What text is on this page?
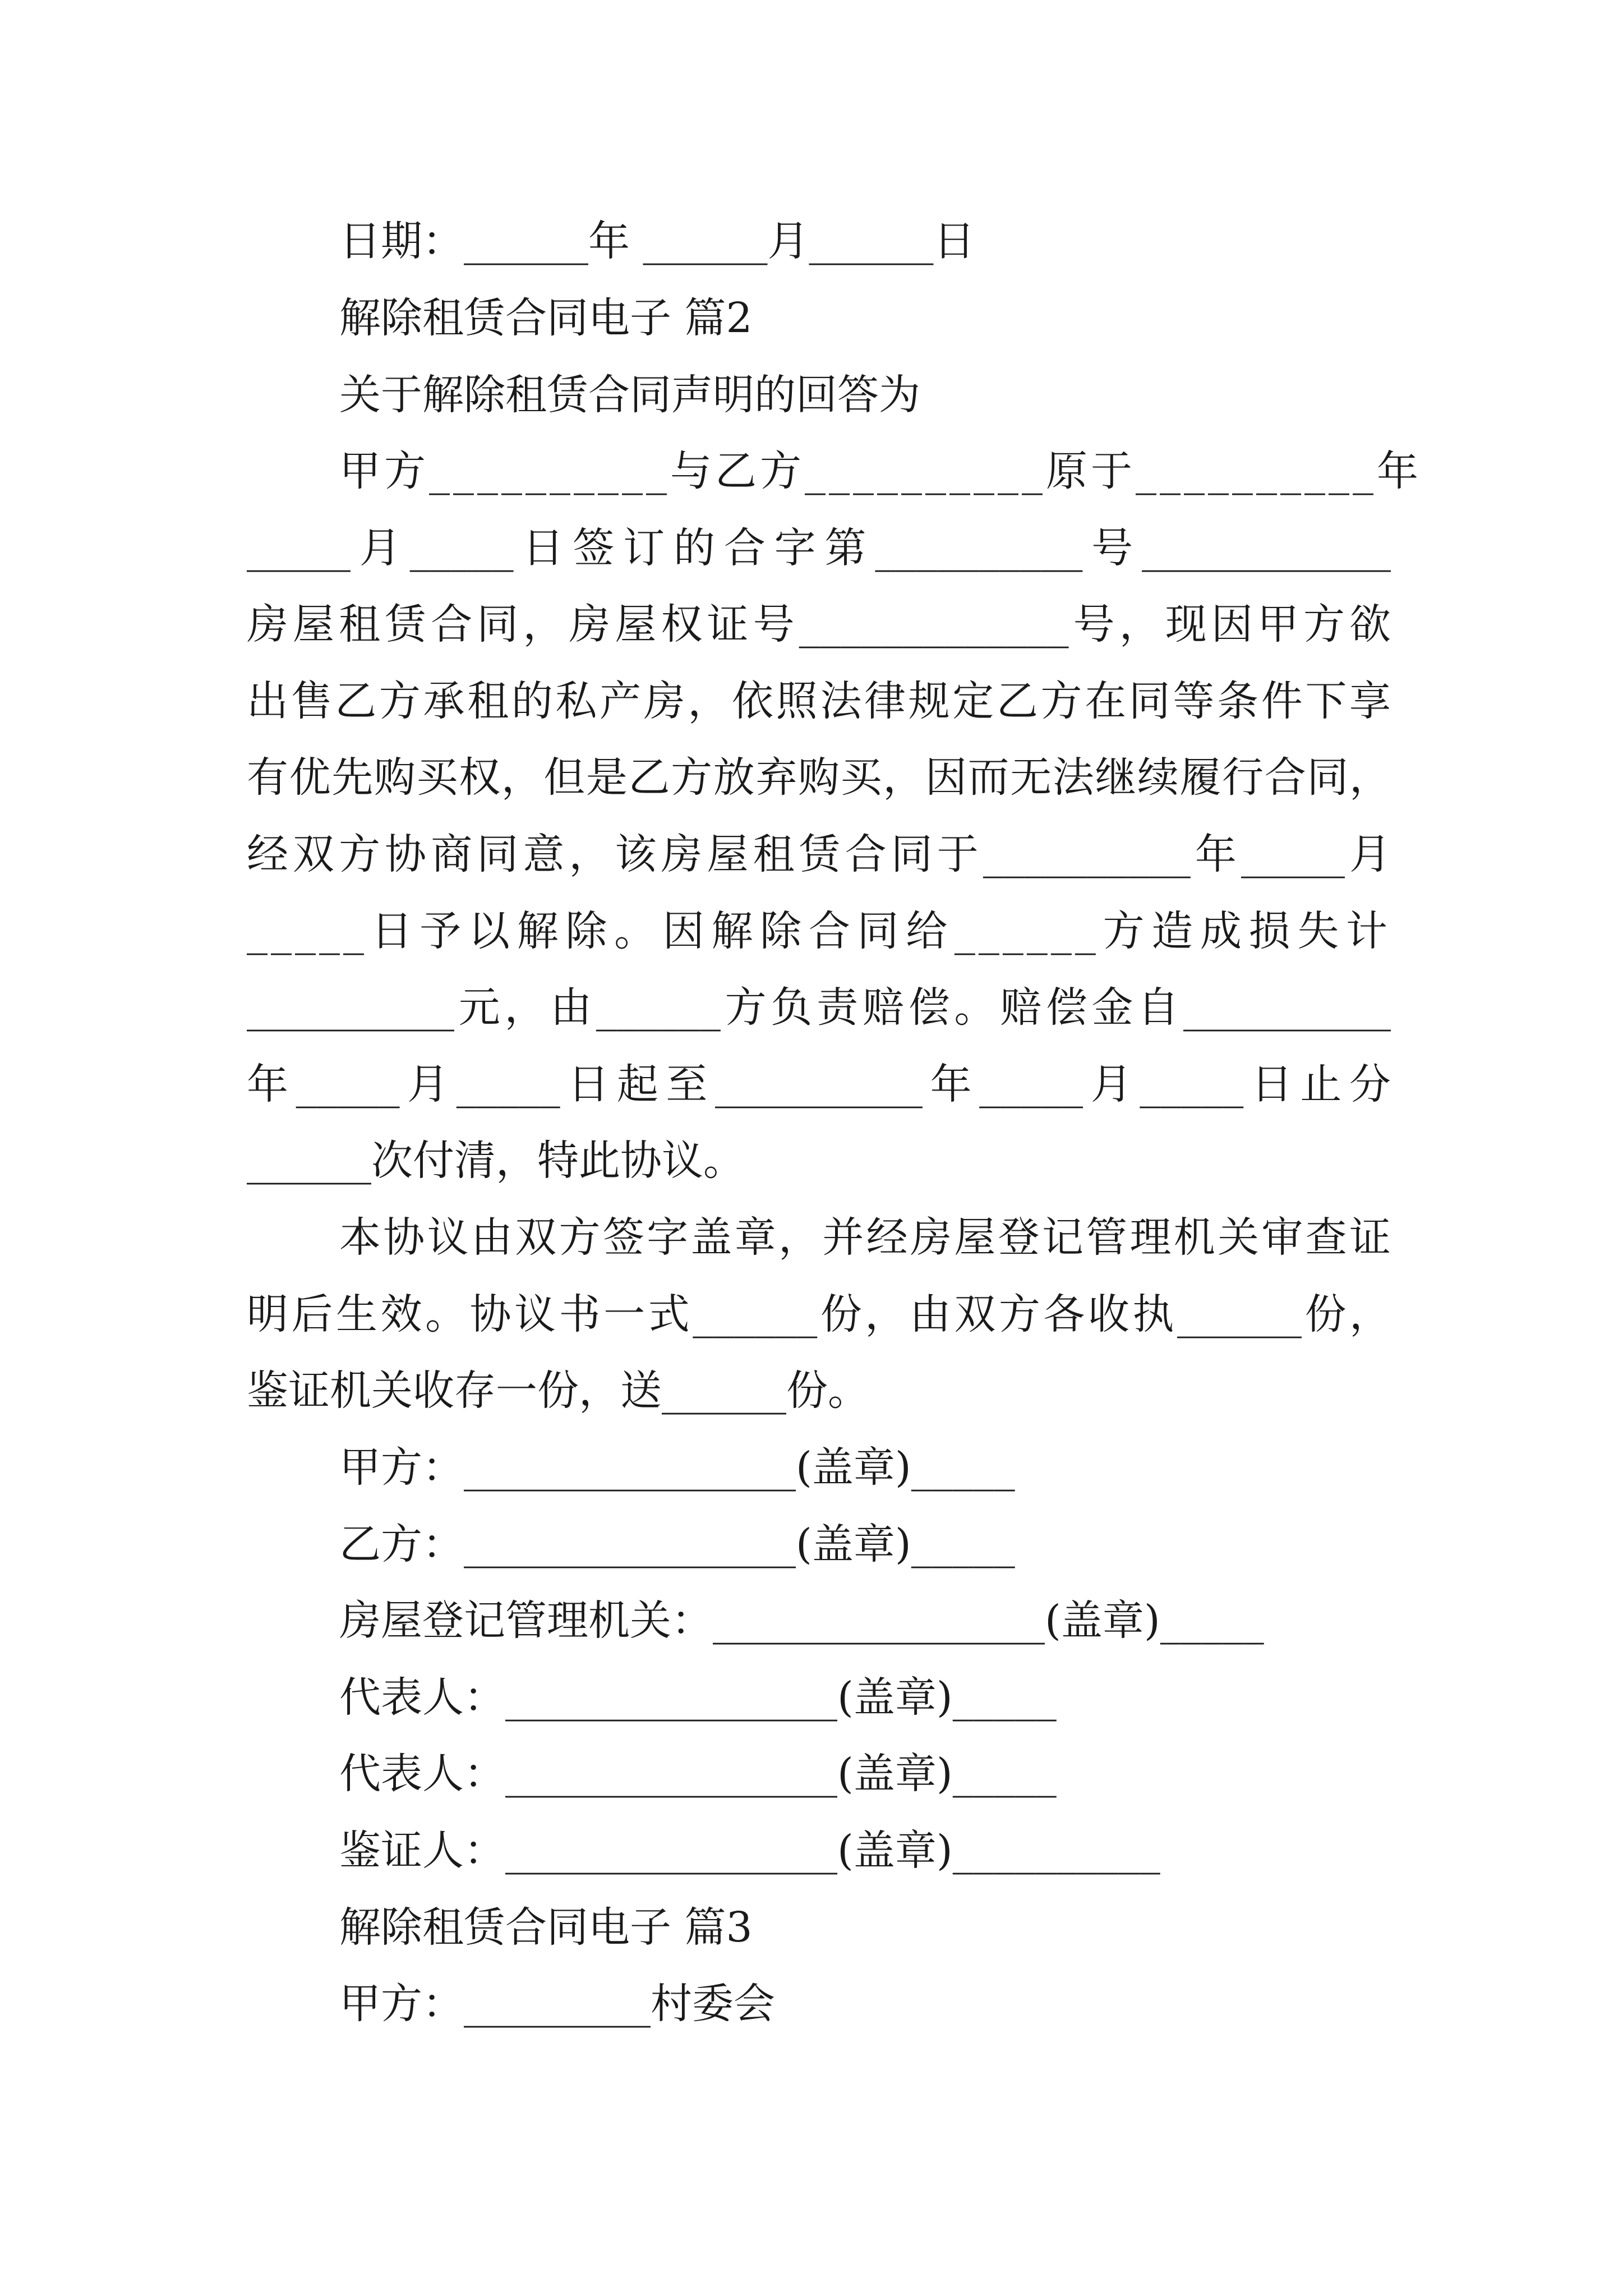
日期：______年 ______月______日

解除租赁合同电子 篇2

关于解除租赁合同声明的回答为

甲方__________与乙方__________原于__________年

_____月_____日签订的合字第__________号____________

房屋租赁合同，房屋权证号_____________号，现因甲方欲

出售乙方承租的私产房，依照法律规定乙方在同等条件下享

有优先购买权，但是乙方放弃购买，因而无法继续履行合同，

经双方协商同意，该房屋租赁合同于__________年_____月

_____日予以解除。因解除合同给______方造成损失计

__________元，由______方负责赔偿。赔偿金自__________

年_____月_____日起至__________年_____月_____日止分

______次付清，特此协议。

本协议由双方签字盖章，并经房屋登记管理机关审查证

明后生效。协议书一式______份，由双方各收执______份，

鉴证机关收存一份，送______份。

甲方：________________(盖章)_____

乙方：________________(盖章)_____

房屋登记管理机关：________________(盖章)_____

代表人：________________(盖章)_____

代表人：________________(盖章)_____

鉴证人：________________(盖章)__________

解除租赁合同电子 篇3

甲方：_________村委会
